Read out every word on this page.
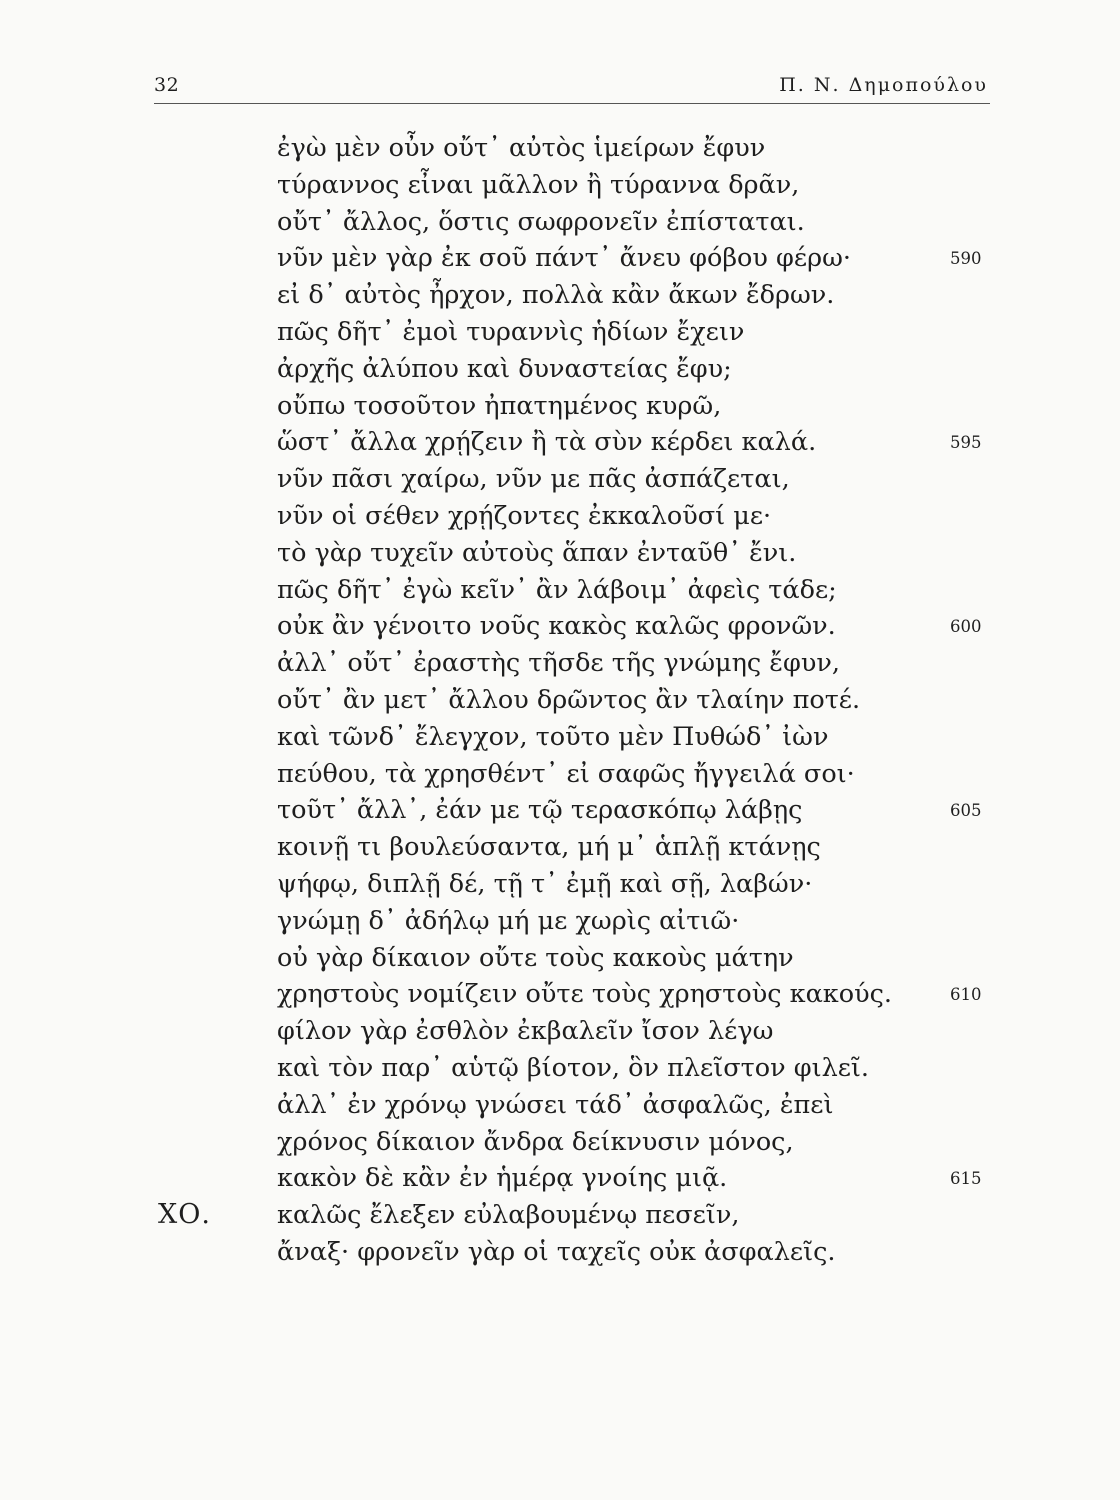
32	Π. Ν. Δημοπούλου
ἐγὼ μὲν οὖν οὔτ᾽ αὐτὸς ἱμείρων ἔφυν
τύραννος εἶναι μᾶλλον ἢ τύραννα δρᾶν,
οὔτ᾽ ἄλλος, ὅστις σωφρονεῖν ἐπίσταται.
νῦν μὲν γὰρ ἐκ σοῦ πάντ᾽ ἄνευ φόβου φέρω·	590
εἰ δ᾽ αὐτὸς ἦρχον, πολλὰ κἂν ἄκων ἔδρων.
πῶς δῆτ᾽ ἐμοὶ τυραννὶς ἡδίων ἔχειν
ἀρχῆς ἀλύπου καὶ δυναστείας ἔφυ;
οὔπω τοσοῦτον ἠπατημένος κυρῶ,
ὥστ᾽ ἄλλα χρῄζειν ἢ τὰ σὺν κέρδει καλά.	595
νῦν πᾶσι χαίρω, νῦν με πᾶς ἀσπάζεται,
νῦν οἱ σέθεν χρῄζοντες ἐκκαλοῦσί με·
τὸ γὰρ τυχεῖν αὐτοὺς ἅπαν ἐνταῦθ᾽ ἔνι.
πῶς δῆτ᾽ ἐγὼ κεῖν᾽ ἂν λάβοιμ᾽ ἀφεὶς τάδε;
οὐκ ἂν γένοιτο νοῦς κακὸς καλῶς φρονῶν.	600
ἀλλ᾽ οὔτ᾽ ἐραστὴς τῆσδε τῆς γνώμης ἔφυν,
οὔτ᾽ ἂν μετ᾽ ἄλλου δρῶντος ἂν τλαίην ποτέ.
καὶ τῶνδ᾽ ἔλεγχον, τοῦτο μὲν Πυθώδ᾽ ἰὼν
πεύθου, τὰ χρησθέντ᾽ εἰ σαφῶς ἤγγειλά σοι·
τοῦτ᾽ ἄλλ᾽, ἐάν με τῷ τερασκόπῳ λάβῃς	605
κοινῇ τι βουλεύσαντα, μή μ᾽ ἁπλῇ κτάνῃς
ψήφῳ, διπλῇ δέ, τῇ τ᾽ ἐμῇ καὶ σῇ, λαβών·
γνώμῃ δ᾽ ἀδήλῳ μή με χωρὶς αἰτιῶ·
οὐ γὰρ δίκαιον οὔτε τοὺς κακοὺς μάτην
χρηστοὺς νομίζειν οὔτε τοὺς χρηστοὺς κακούς.	610
φίλον γὰρ ἐσθλὸν ἐκβαλεῖν ἴσον λέγω
καὶ τὸν παρ᾽ αὑτῷ βίοτον, ὃν πλεῖστον φιλεῖ.
ἀλλ᾽ ἐν χρόνῳ γνώσει τάδ᾽ ἀσφαλῶς, ἐπεὶ
χρόνος δίκαιον ἄνδρα δείκνυσιν μόνος,
κακὸν δὲ κἂν ἐν ἡμέρᾳ γνοίης μιᾷ.	615
ΧΟ.	καλῶς ἔλεξεν εὐλαβουμένῳ πεσεῖν,
ἄναξ· φρονεῖν γὰρ οἱ ταχεῖς οὐκ ἀσφαλεῖς.
